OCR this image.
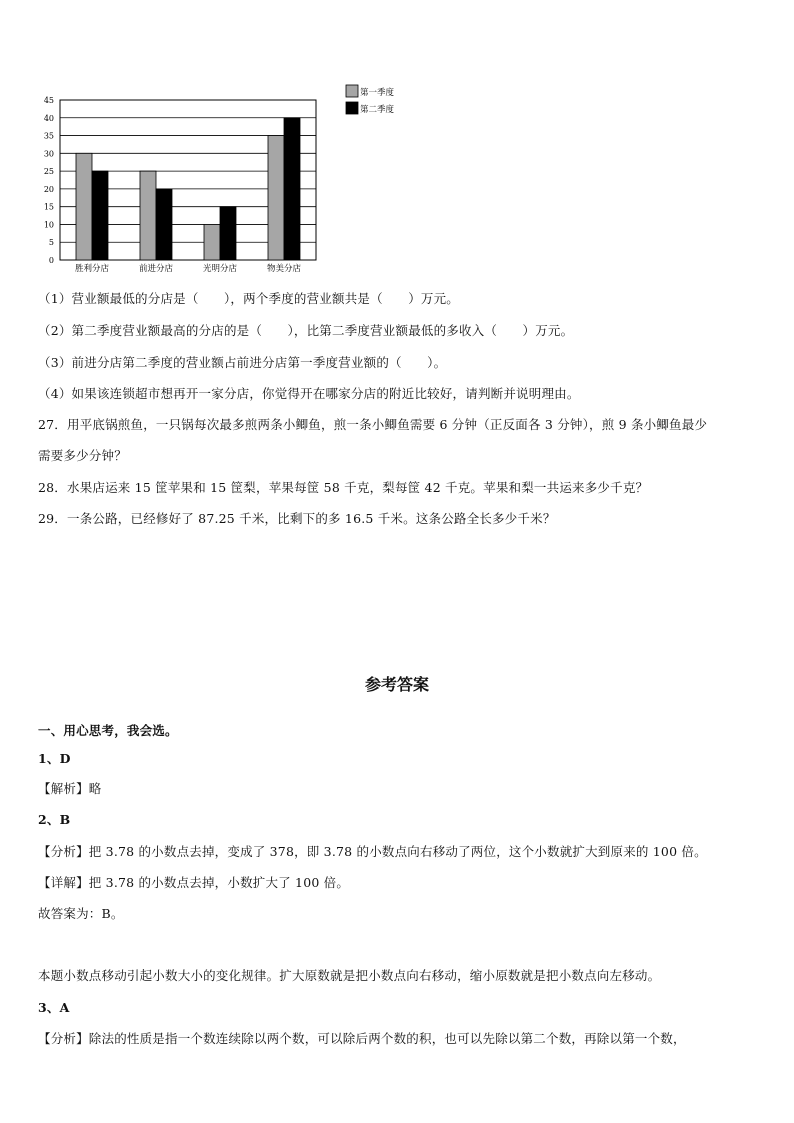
0
5
10
15
20
25
30
35
40
45
胜利分店	前进分店	光明分店	物美分店
第一季度
第二季度
（1）营业额最低的分店是（　　），两个季度的营业额共是（　　）万元。
（2）第二季度营业额最高的分店的是（　　），比第二季度营业额最低的多收入（　　）万元。
（3）前进分店第二季度的营业额占前进分店第一季度营业额的（　　）。
（4）如果该连锁超市想再开一家分店，你觉得开在哪家分店的附近比较好，请判断并说明理由。
27．用平底锅煎鱼，一只锅每次最多煎两条小鲫鱼，煎一条小鲫鱼需要 6 分钟（正反面各 3 分钟），煎 9 条小鲫鱼最少
需要多少分钟？
28．水果店运来 15 筐苹果和 15 筐梨，苹果每筐 58 千克，梨每筐 42 千克。苹果和梨一共运来多少千克？
29．一条公路，已经修好了 87.25 千米，比剩下的多 16.5 千米。这条公路全长多少千米？
参考答案
一、用心思考，我会选。
1、D
【解析】略
2、B
【分析】把 3.78 的小数点去掉，变成了 378，即 3.78 的小数点向右移动了两位，这个小数就扩大到原来的 100 倍。
【详解】把 3.78 的小数点去掉，小数扩大了 100 倍。
故答案为：B。
本题小数点移动引起小数大小的变化规律。扩大原数就是把小数点向右移动，缩小原数就是把小数点向左移动。
3、A
【分析】除法的性质是指一个数连续除以两个数，可以除后两个数的积，也可以先除以第二个数，再除以第一个数，
